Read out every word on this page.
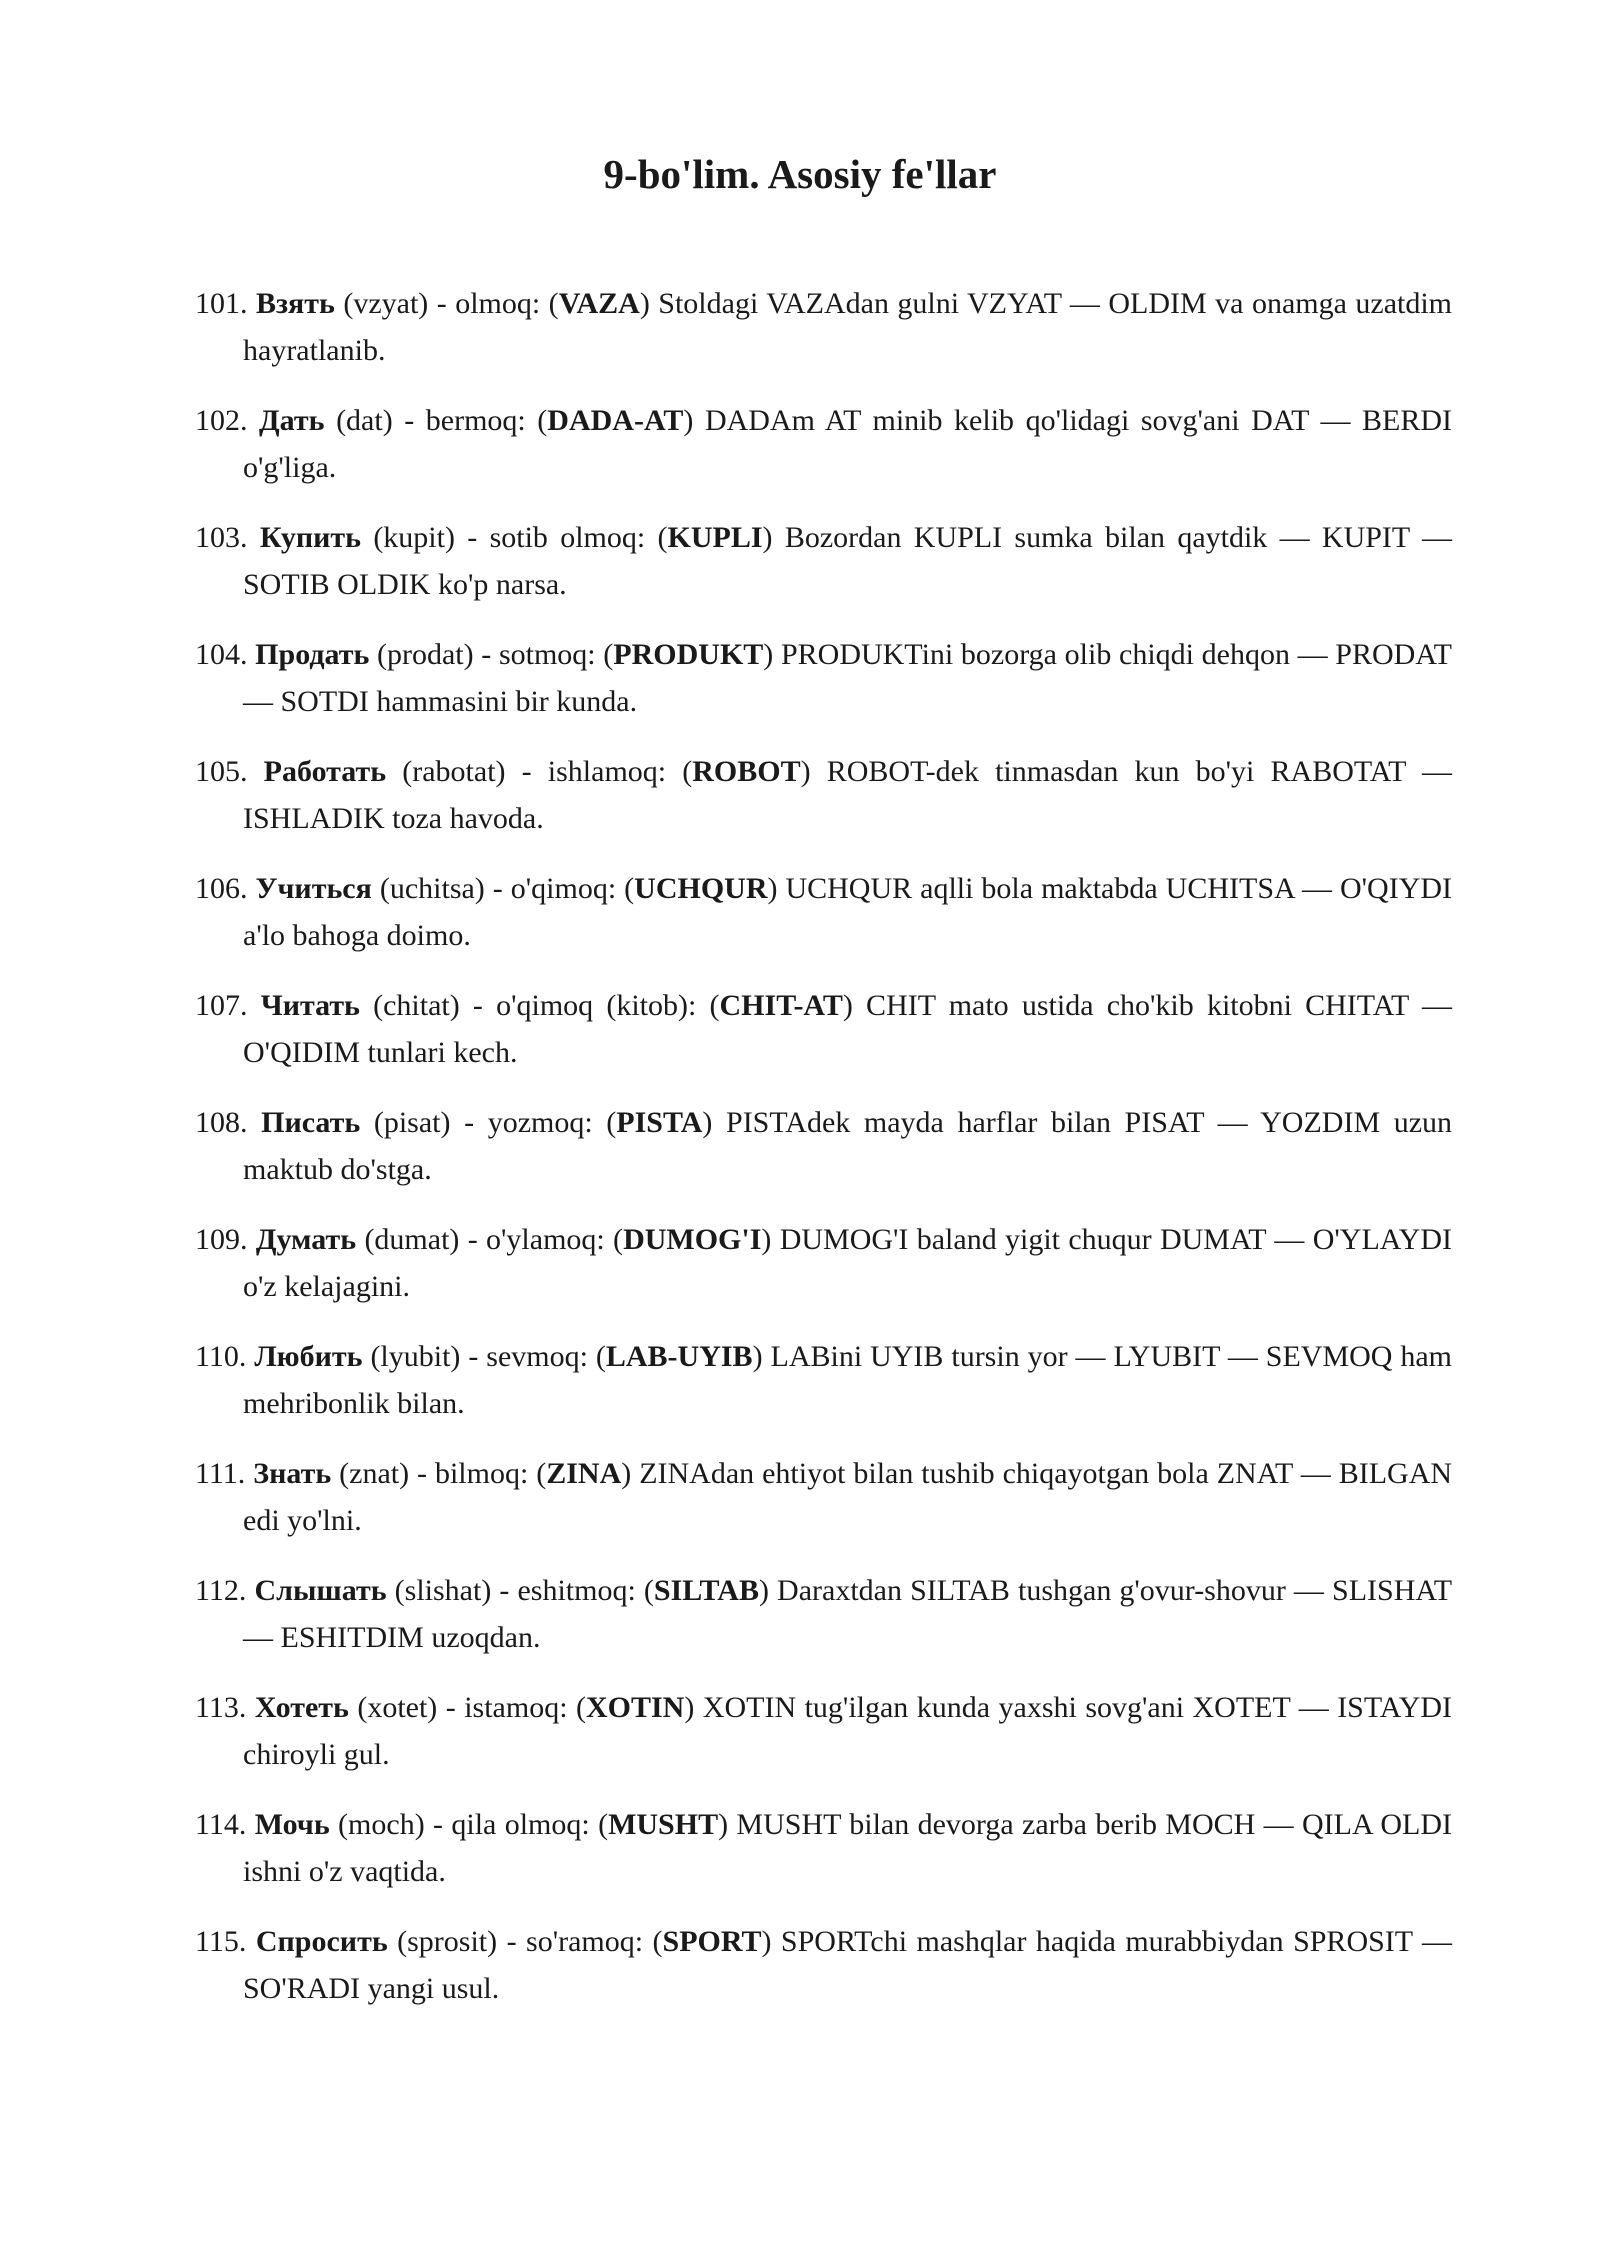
9-bo'lim. Asosiy fe'llar
101. Взять (vzyat) - olmoq: (VAZA) Stoldagi VAZAdan gulni VZYAT — OLDIM va onamga uzatdim hayratlanib.
102. Дать (dat) - bermoq: (DADA-AT) DADAm AT minib kelib qo'lidagi sovg'ani DAT — BERDI o'g'liga.
103. Купить (kupit) - sotib olmoq: (KUPLI) Bozordan KUPLI sumka bilan qaytdik — KUPIT — SOTIB OLDIK ko'p narsa.
104. Продать (prodat) - sotmoq: (PRODUKT) PRODUKTini bozorga olib chiqdi dehqon — PRODAT — SOTDI hammasini bir kunda.
105. Работать (rabotat) - ishlamoq: (ROBOT) ROBOT-dek tinmasdan kun bo'yi RABOTAT — ISHLADIK toza havoda.
106. Учиться (uchitsa) - o'qimoq: (UCHQUR) UCHQUR aqlli bola maktabda UCHITSA — O'QIYDI a'lo bahoga doimo.
107. Читать (chitat) - o'qimoq (kitob): (CHIT-AT) CHIT mato ustida cho'kib kitobni CHITAT — O'QIDIM tunlari kech.
108. Писать (pisat) - yozmoq: (PISTA) PISTAdek mayda harflar bilan PISAT — YOZDIM uzun maktub do'stga.
109. Думать (dumat) - o'ylamoq: (DUMOG'I) DUMOG'I baland yigit chuqur DUMAT — O'YLAYDI o'z kelajagini.
110. Любить (lyubit) - sevmoq: (LAB-UYIB) LABini UYIB tursin yor — LYUBIT — SEVMOQ ham mehribonlik bilan.
111. Знать (znat) - bilmoq: (ZINA) ZINAdan ehtiyot bilan tushib chiqayotgan bola ZNAT — BILGAN edi yo'lni.
112. Слышать (slishat) - eshitmoq: (SILTAB) Daraxtdan SILTAB tushgan g'ovur-shovur — SLISHAT — ESHITDIM uzoqdan.
113. Хотеть (xotet) - istamoq: (XOTIN) XOTIN tug'ilgan kunda yaxshi sovg'ani XOTET — ISTAYDI chiroyli gul.
114. Мочь (moch) - qila olmoq: (MUSHT) MUSHT bilan devorga zarba berib MOCH — QILA OLDI ishni o'z vaqtida.
115. Спросить (sprosit) - so'ramoq: (SPORT) SPORTchi mashqlar haqida murabbiydan SPROSIT — SO'RADI yangi usul.
